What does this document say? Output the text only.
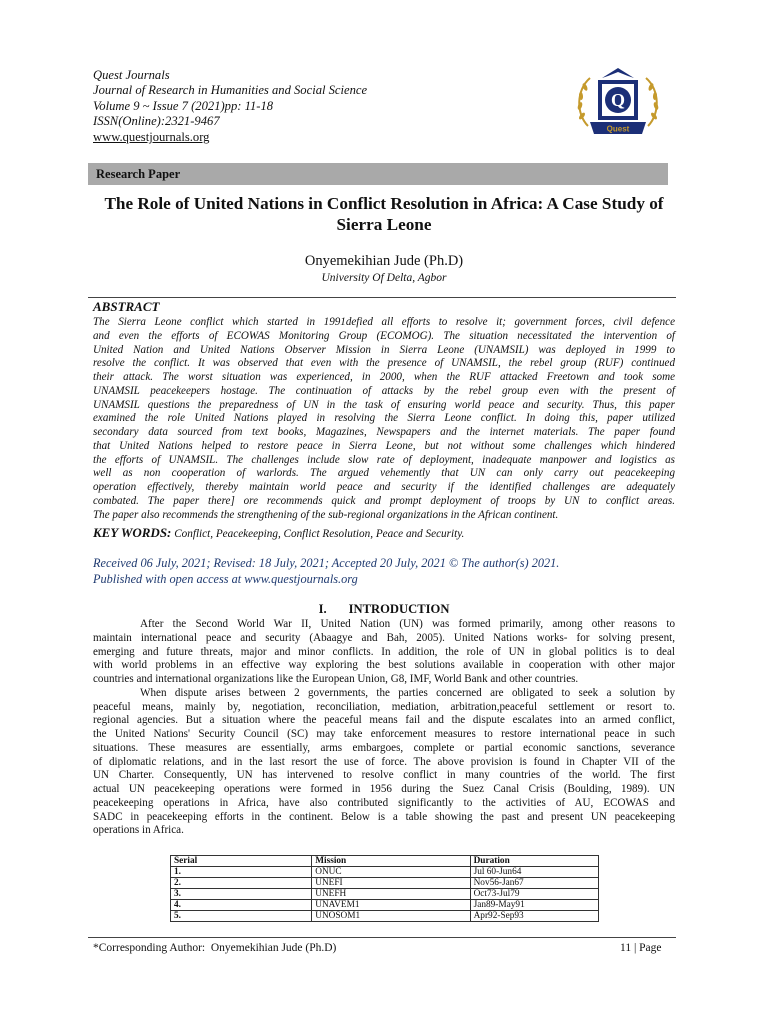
Quest Journals
Journal of Research in Humanities and Social Science
Volume 9 ~ Issue 7 (2021)pp: 11-18
ISSN(Online):2321-9467
www.questjournals.org
Q
Quest
Research Paper
The Role of United Nations in Conflict Resolution in Africa: A Case Study of Sierra Leone
Onyemekihian Jude (Ph.D)
University Of Delta, Agbor
ABSTRACT

The Sierra Leone conflict which started in 1991defied all efforts to resolve it; government forces, civil defence

and even the efforts of ECOWAS Monitoring Group (ECOMOG). The situation necessitated the intervention of

United Nation and United Nations Observer Mission in Sierra Leone (UNAMSIL) was deployed in 1999 to

resolve the conflict. It was observed that even with the presence of UNAMSIL, the rebel group (RUF) continued

their attack. The worst situation was experienced, in 2000, when the RUF attacked Freetown and took some

UNAMSIL peacekeepers hostage. The continuation of attacks by the rebel group even with the present of

UNAMSIL questions the preparedness of UN in the task of ensuring world peace and security. Thus, this paper

examined the role United Nations played in resolving the Sierra Leone conflict. In doing this, paper utilized

secondary data sourced from text books, Magazines, Newspapers and the internet materials. The paper found

that United Nations helped to restore peace in Sierra Leone, but not without some challenges which hindered

the efforts of UNAMSIL. The challenges include slow rate of deployment, inadequate manpower and logistics as

well as non cooperation of warlords. The argued vehemently that UN can only carry out peacekeeping

operation effectively, thereby maintain world peace and security if the identified challenges are adequately

combated. The paper there] ore recommends quick and prompt deployment of troops by UN to conflict areas.

The paper also recommends the strengthening of the sub-regional organizations in the African continent.

KEY WORDS: Conflict, Peacekeeping, Conflict Resolution, Peace and Security.
Received 06 July, 2021; Revised: 18 July, 2021; Accepted 20 July, 2021 © The author(s) 2021.
Published with open access at www.questjournals.org
I.       INTRODUCTION

After the Second World War II, United Nation (UN) was formed primarily, among other reasons to

maintain international peace and security (Abaagye and Bah, 2005). United Nations works- for solving present,

emerging and future threats, major and minor conflicts. In addition, the role of UN in global politics is to deal

with world problems in an effective way exploring the best solutions available in cooperation with other major

countries and international organizations like the European Union, G8, IMF, World Bank and other countries.

When dispute arises between 2 governments, the parties concerned are obligated to seek a solution by

peaceful means, mainly by, negotiation, reconciliation, mediation, arbitration,peaceful settlement or resort to.

regional agencies. But a situation where the peaceful means fail and the dispute escalates into an armed conflict,

the United Nations' Security Council (SC) may take enforcement measures to restore international peace in such

situations. These measures are essentially, arms embargoes, complete or partial economic sanctions, severance

of diplomatic relations, and in the last resort the use of force. The above provision is found in Chapter VII of the

UN Charter. Consequently, UN has intervened to resolve conflict in many countries of the world. The first

actual UN peacekeeping operations were formed in 1956 during the Suez Canal Crisis (Boulding, 1989). UN

peacekeeping operations in Africa, have also contributed significantly to the activities of AU, ECOWAS and

SADC in peacekeeping efforts in the continent. Below is a table showing the past and present UN peacekeeping

operations in Africa.

Serial	Mission	Duration
1.	ONUC	Jul 60-Jun64
2.	UNEFI	Nov56-Jan67
3.	UNEFH	Oct73-Jul79
4.	UNAVEM1	Jan89-May91
5.	UNOSOM1	Apr92-Sep93
*Corresponding Author:  Onyemekihian Jude (Ph.D)	11 | Page
